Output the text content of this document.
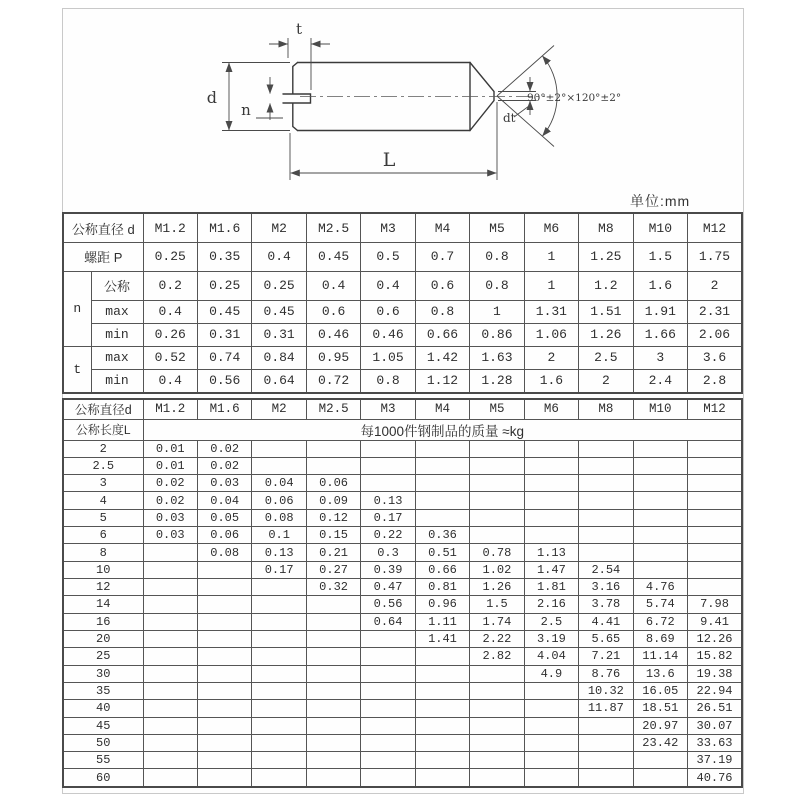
t
d
n
L
90°±2°×120°±2°
dt
单位:mm
公称直径 d		M1.2	M1.6	M2	M2.5	M3	M4	M5	M6	M8	M10	M12
螺距 P		0.25	0.35	0.4	0.45	0.5	0.7	0.8	1	1.25	1.5	1.75
n	公称	0.2	0.25	0.25	0.4	0.4	0.6	0.8	1	1.2	1.6	2
	max	0.4	0.45	0.45	0.6	0.6	0.8	1	1.31	1.51	1.91	2.31
	min	0.26	0.31	0.31	0.46	0.46	0.66	0.86	1.06	1.26	1.66	2.06
t	max	0.52	0.74	0.84	0.95	1.05	1.42	1.63	2	2.5	3	3.6
	min	0.4	0.56	0.64	0.72	0.8	1.12	1.28	1.6	2	2.4	2.8
公称直径d	M1.2	M1.6	M2	M2.5	M3	M4	M5	M6	M8	M10	M12
公称长度L	每1000件钢制品的质量 ≈kg										
2	0.01	0.02									
2.5	0.01	0.02									
3	0.02	0.03	0.04	0.06							
4	0.02	0.04	0.06	0.09	0.13						
5	0.03	0.05	0.08	0.12	0.17						
6	0.03	0.06	0.1	0.15	0.22	0.36					
8		0.08	0.13	0.21	0.3	0.51	0.78	1.13			
10			0.17	0.27	0.39	0.66	1.02	1.47	2.54		
12				0.32	0.47	0.81	1.26	1.81	3.16	4.76	
14					0.56	0.96	1.5	2.16	3.78	5.74	7.98
16					0.64	1.11	1.74	2.5	4.41	6.72	9.41
20						1.41	2.22	3.19	5.65	8.69	12.26
25							2.82	4.04	7.21	11.14	15.82
30								4.9	8.76	13.6	19.38
35									10.32	16.05	22.94
40									11.87	18.51	26.51
45										20.97	30.07
50										23.42	33.63
55											37.19
60											40.76
